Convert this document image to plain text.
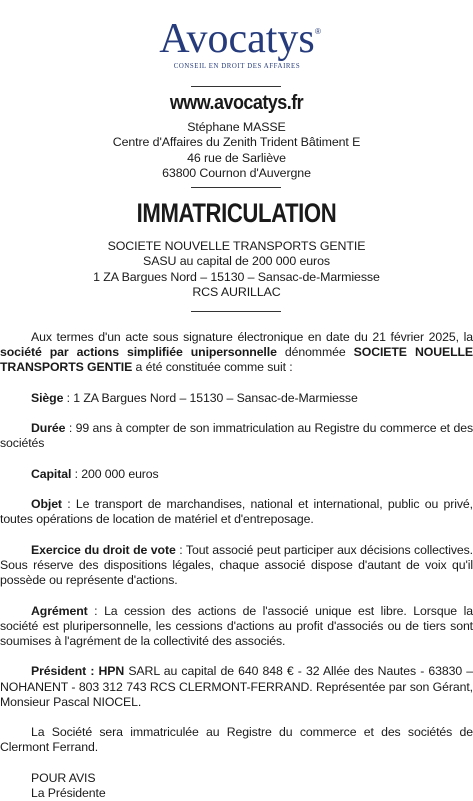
Avocatys ®
CONSEIL EN DROIT DES AFFAIRES
www.avocatys.fr
Stéphane MASSE
Centre d'Affaires du Zenith Trident Bâtiment E
46 rue de Sarliève
63800 Cournon d'Auvergne
IMMATRICULATION
SOCIETE NOUVELLE TRANSPORTS GENTIE
SASU au capital de 200 000 euros
1 ZA Bargues Nord – 15130 – Sansac-de-Marmiesse
RCS AURILLAC

Aux termes d'un acte sous signature électronique en date du 21 février 2025, la société par actions simplifiée unipersonnelle dénommée SOCIETE NOUELLE TRANSPORTS GENTIE a été constituée comme suit :

Siège : 1 ZA Bargues Nord – 15130 – Sansac-de-Marmiesse

Durée : 99 ans à compter de son immatriculation au Registre du commerce et des sociétés

Capital : 200 000 euros

Objet : Le transport de marchandises, national et international, public ou privé, toutes opérations de location de matériel et d'entreposage.

Exercice du droit de vote : Tout associé peut participer aux décisions collectives. Sous réserve des dispositions légales, chaque associé dispose d'autant de voix qu'il possède ou représente d'actions.

Agrément : La cession des actions de l'associé unique est libre. Lorsque la société est pluripersonnelle, les cessions d'actions au profit d'associés ou de tiers sont soumises à l'agrément de la collectivité des associés.

Président : HPN SARL au capital de 640 848 € - 32 Allée des Nautes - 63830 – NOHANENT - 803 312 743 RCS CLERMONT-FERRAND. Représentée par son Gérant, Monsieur Pascal NIOCEL.

La Société sera immatriculée au Registre du commerce et des sociétés de Clermont Ferrand.

POUR AVIS

La Présidente
